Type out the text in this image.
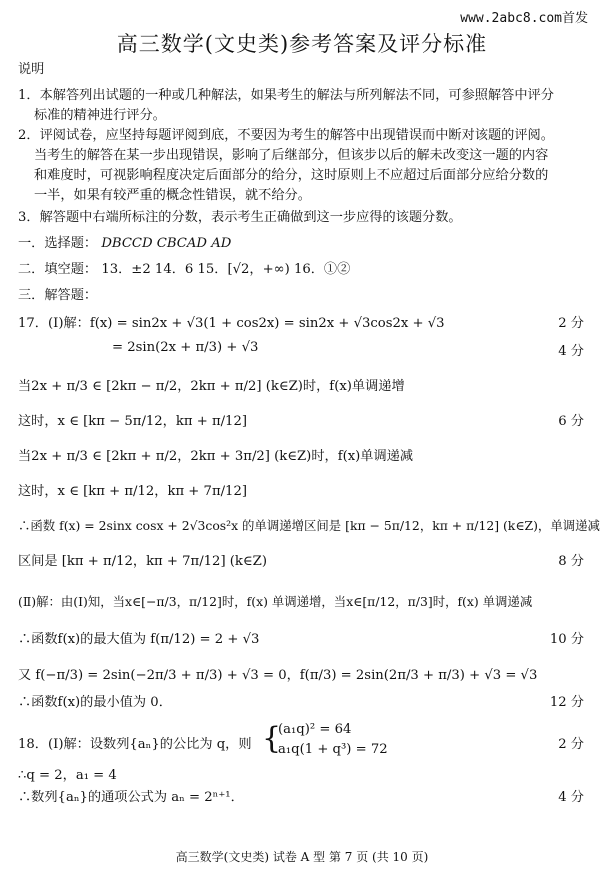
www.2abc8.com首发
高三数学(文史类)参考答案及评分标准
说明
1．本解答列出试题的一种或几种解法，如果考生的解法与所列解法不同，可参照解答中评分
标准的精神进行评分。
2．评阅试卷，应坚持每题评阅到底，不要因为考生的解答中出现错误而中断对该题的评阅。
当考生的解答在某一步出现错误，影响了后继部分，但该步以后的解未改变这一题的内容
和难度时，可视影响程度决定后面部分的给分，这时原则上不应超过后面部分应给分数的
一半，如果有较严重的概念性错误，就不给分。
3．解答题中右端所标注的分数，表示考生正确做到这一步应得的该题分数。
一．选择题： DBCCD CBCAD AD
二．填空题： 13．±2 14．6 15．[√2，+∞) 16．①②
三．解答题：
17．(Ⅰ)解：f(x) = sin2x + √3(1 + cos2x) = sin2x + √3cos2x + √3	2 分
= 2sin(2x + π/3) + √3	4 分
当2x + π/3 ∈ [2kπ − π/2，2kπ + π/2] (k∈Z)时，f(x)单调递增
这时，x ∈ [kπ − 5π/12，kπ + π/12]	6 分
当2x + π/3 ∈ [2kπ + π/2，2kπ + 3π/2] (k∈Z)时，f(x)单调递减
这时，x ∈ [kπ + π/12，kπ + 7π/12]
∴函数 f(x) = 2sinx cosx + 2√3cos²x 的单调递增区间是 [kπ − 5π/12，kπ + π/12] (k∈Z)，单调递减
区间是 [kπ + π/12，kπ + 7π/12] (k∈Z)	8 分
(Ⅱ)解：由(Ⅰ)知，当x∈[−π/3，π/12]时，f(x) 单调递增，当x∈[π/12，π/3]时，f(x) 单调递减
∴函数f(x)的最大值为 f(π/12) = 2 + √3	10 分
又 f(−π/3) = 2sin(−2π/3 + π/3) + √3 = 0，f(π/3) = 2sin(2π/3 + π/3) + √3 = √3
∴函数f(x)的最小值为 0．	12 分
18．(Ⅰ)解：设数列{aₙ}的公比为 q，则 {
(a₁q)² = 64
a₁q(1 + q³) = 72	2 分
∴q = 2，a₁ = 4
∴数列{aₙ}的通项公式为 aₙ = 2ⁿ⁺¹．	4 分
高三数学(文史类) 试卷 A 型 第 7 页 (共 10 页)
